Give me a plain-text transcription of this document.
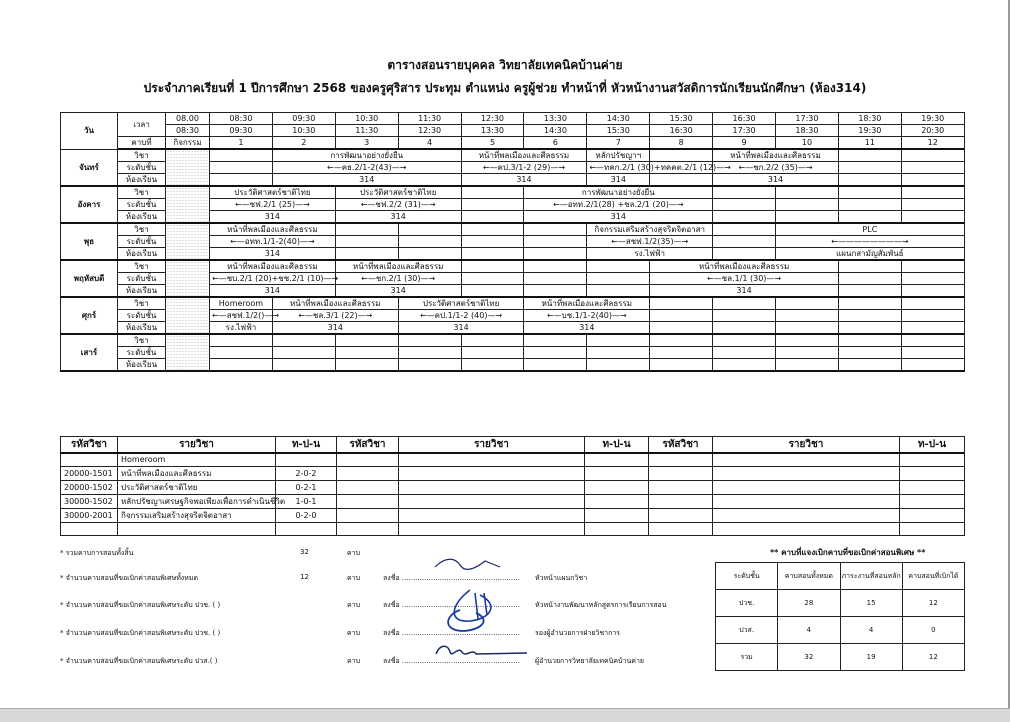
ตารางสอนรายบุคคล วิทยาลัยเทคนิคบ้านค่าย
ประจำภาคเรียนที่ 1 ปีการศึกษา 2568 ของครูศุริสาร ประทุม ตำแหน่ง ครูผู้ช่วย ทำหน้าที่ หัวหน้างานสวัสดิการนักเรียนนักศึกษา (ห้อง314)
วัน	เวลา	08.00	08:30	09:30	10:30	11:30	12:30	13:30	14:30	15:30	16:30	17:30	18:30	19:30
		08:30	09:30	10:30	11:30	12:30	13:30	14:30	15:30	16:30	17:30	18:30	19:30	20:30
	คาบที่	กิจกรรม	1	2	3	4	5	6	7	8	9	10	11	12
จันทร์	วิชา			การพัฒนาอย่างยั่งยืน			หน้าที่พลเมืองและศีลธรรม		หลักปรัชญาฯ		หน้าที่พลเมืองและศีลธรรม			
	ระดับชั้น			←—คธ.2/1-2(43)—→			←—คป.3/1-2 (29)—→		←—ทคก.2/1 (30)+ทคคต.2/1 (12)—→		←—ชก.2/2 (35)—→			
	ห้องเรียน			314			314		314		314			
อังคาร	วิชา		ประวัติศาสตร์ชาติไทย		ประวัติศาสตร์ชาติไทย			การพัฒนาอย่างยั่งยืน						
	ระดับชั้น		←—ชฟ.2/1 (25)—→		←—ชฟ.2/2 (31)—→			←—อทท.2/1(28) +ชล.2/1 (20)—→						
	ห้องเรียน		314		314			314						
พุธ	วิชา		หน้าที่พลเมืองและศีลธรรม						กิจกรรมเสริมสร้างสุจริตจิตอาสา			PLC		
	ระดับชั้น		←—อทท.1/1-2(40)—→						←—สชฟ.1/2(35)—→			←————————→		
	ห้องเรียน		314						รง.ไฟฟ้า			แผนกสามัญสัมพันธ์		
พฤหัสบดี	วิชา		หน้าที่พลเมืองและศีลธรรม		หน้าที่พลเมืองและศีลธรรม					หน้าที่พลเมืองและศีลธรรม				
	ระดับชั้น		←—ชบ.2/1 (20)+ชช.2/1 (10)—→		←—ชก.2/1 (30)—→					←—ชล.1/1 (30)—→				
	ห้องเรียน		314		314					314				
ศุกร์	วิชา		Homeroom	หน้าที่พลเมืองและศีลธรรม		ประวัติศาสตร์ชาติไทย		หน้าที่พลเมืองและศีลธรรม						
	ระดับชั้น		←—สชฟ.1/2()—→	←—ชล.3/1 (22)—→		←—คป.1/1-2 (40)—→		←—บช.1/1-2(40)—→						
	ห้องเรียน		รง.ไฟฟ้า	314		314		314						
เสาร์	วิชา													
	ระดับชั้น													
	ห้องเรียน													
รหัสวิชา	รายวิชา	ท-ป-น	รหัสวิชา	รายวิชา	ท-ป-น	รหัสวิชา	รายวิชา	ท-ป-น
	Homeroom							
20000-1501	หน้าที่พลเมืองและศีลธรรม	2-0-2						
20000-1502	ประวัติศาสตร์ชาติไทย	0-2-1						
30000-1502	หลักปรัชญาเศรษฐกิจพอเพียงเพื่อการดำเนินชีวิต	1-0-1						
30000-2001	กิจกรรมเสริมสร้างสุจริตจิตอาสา	0-2-0						

* รวมคาบการสอนทั้งสิ้น	32	คาบ
* จำนวนคาบสอนที่ขอเบิกค่าสอนพิเศษทั้งหมด	12	คาบ	ลงชื่อ .....................................................	หัวหน้าแผนกวิชา
* จำนวนคาบสอนที่ขอเบิกค่าสอนพิเศษระดับ ปวช. ( )	คาบ	ลงชื่อ .....................................................	หัวหน้างานพัฒนาหลักสูตรการเรียนการสอน
* จำนวนคาบสอนที่ขอเบิกค่าสอนพิเศษระดับ ปวช. ( )	คาบ	ลงชื่อ .....................................................	รองผู้อำนวยการฝ่ายวิชาการ
* จำนวนคาบสอนที่ขอเบิกค่าสอนพิเศษระดับ ปวส.( )	คาบ	ลงชื่อ .....................................................	ผู้อำนวยการวิทยาลัยเทคนิคบ้านค่าย
** คาบที่แจงเบิกคาบที่ขอเบิกค่าสอนพิเศษ **
ระดับชั้น	คาบสอนทั้งหมด	ภาระงานที่สอนหลัก	คาบสอนที่เบิกได้
ปวช.	28	15	12
ปวส.	4	4	0
รวม	32	19	12
